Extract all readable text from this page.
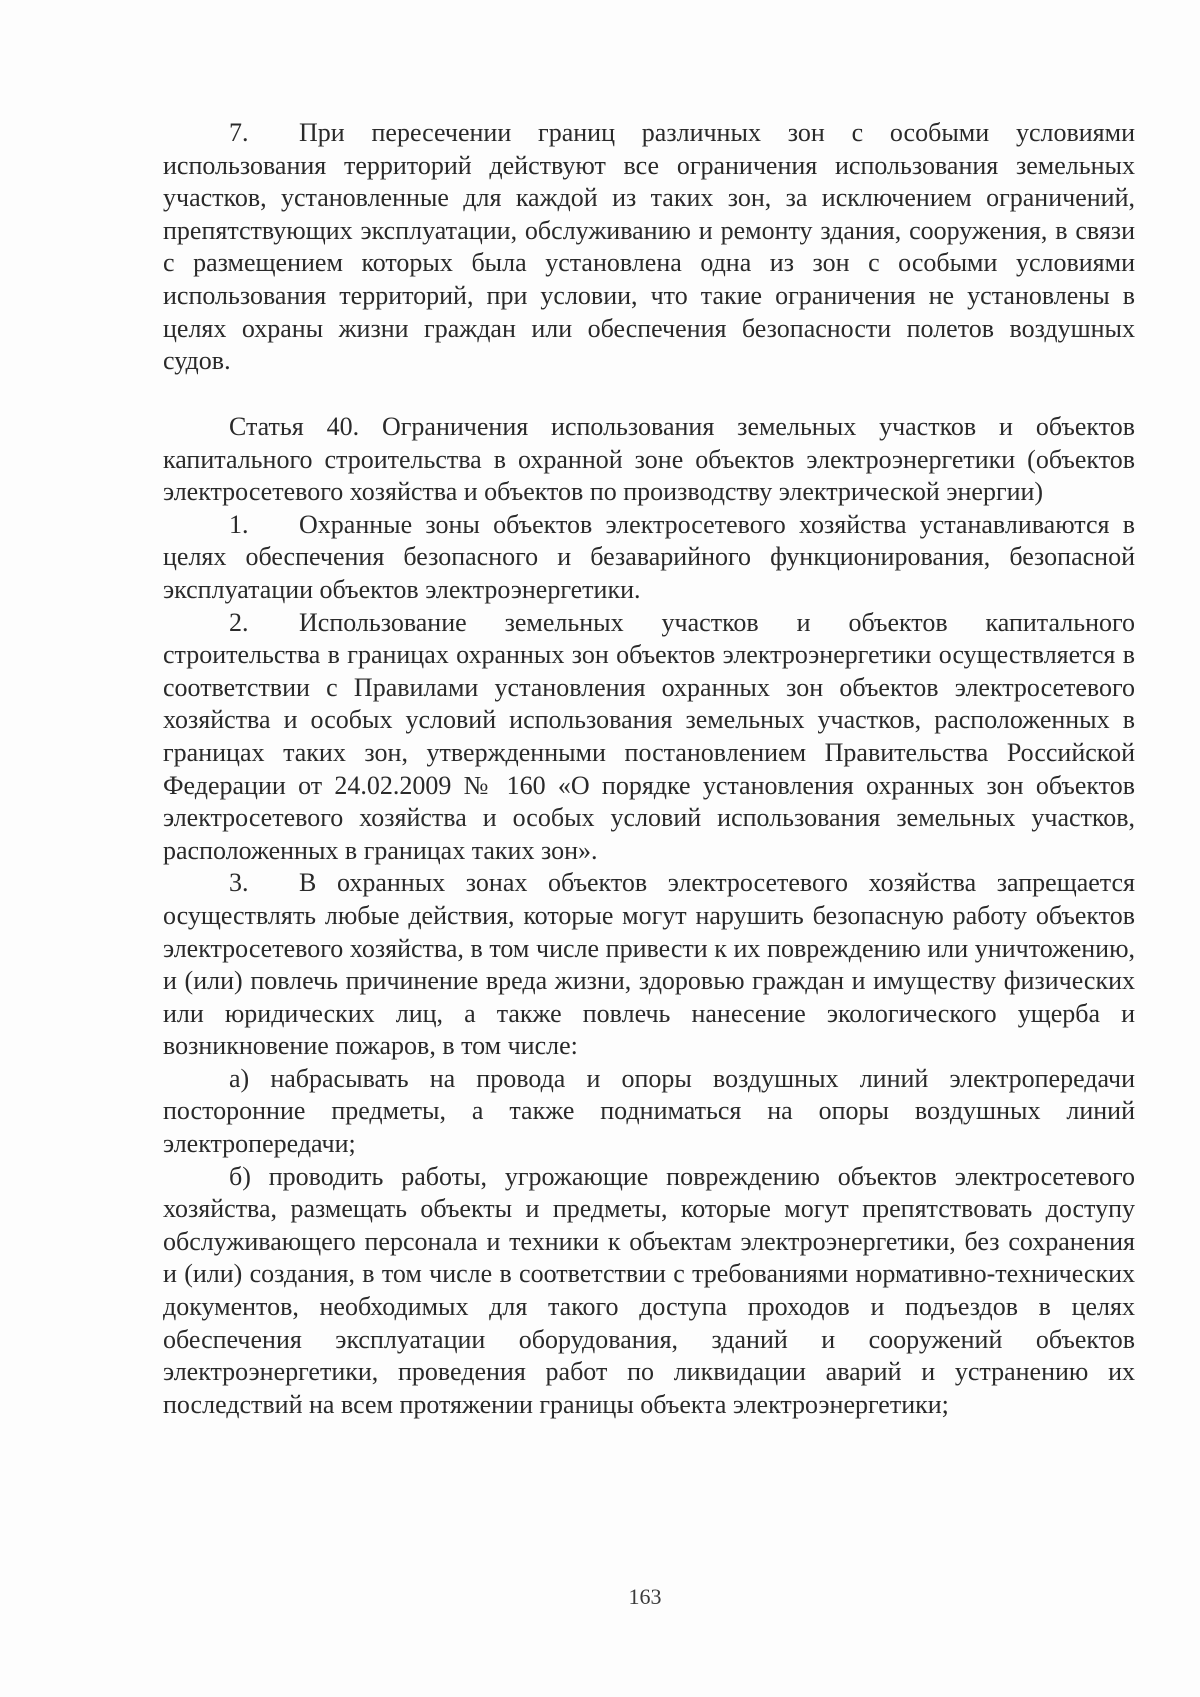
7. При пересечении границ различных зон с особыми условиями использования территорий действуют все ограничения использования земельных участков, установленные для каждой из таких зон, за исключением ограничений, препятствующих эксплуатации, обслуживанию и ремонту здания, сооружения, в связи с размещением которых была установлена одна из зон с особыми условиями использования территорий, при условии, что такие ограничения не установлены в целях охраны жизни граждан или обеспечения безопасности полетов воздушных судов.

Статья 40. Ограничения использования земельных участков и объектов капитального строительства в охранной зоне объектов электроэнергетики (объектов электросетевого хозяйства и объектов по производству электрической энергии)

1. Охранные зоны объектов электросетевого хозяйства устанавливаются в целях обеспечения безопасного и безаварийного функционирования, безопасной эксплуатации объектов электроэнергетики.

2. Использование земельных участков и объектов капитального строительства в границах охранных зон объектов электроэнергетики осуществляется в соответствии с Правилами установления охранных зон объектов электросетевого хозяйства и особых условий использования земельных участков, расположенных в границах таких зон, утвержденными постановлением Правительства Российской Федерации от 24.02.2009 № 160 «О порядке установления охранных зон объектов электросетевого хозяйства и особых условий использования земельных участков, расположенных в границах таких зон».

3. В охранных зонах объектов электросетевого хозяйства запрещается осуществлять любые действия, которые могут нарушить безопасную работу объектов электросетевого хозяйства, в том числе привести к их повреждению или уничтожению, и (или) повлечь причинение вреда жизни, здоровью граждан и имуществу физических или юридических лиц, а также повлечь нанесение экологического ущерба и возникновение пожаров, в том числе:

а) набрасывать на провода и опоры воздушных линий электропередачи посторонние предметы, а также подниматься на опоры воздушных линий электропередачи;

б) проводить работы, угрожающие повреждению объектов электросетевого хозяйства, размещать объекты и предметы, которые могут препятствовать доступу обслуживающего персонала и техники к объектам электроэнергетики, без сохранения и (или) создания, в том числе в соответствии с требованиями нормативно-технических документов, необходимых для такого доступа проходов и подъездов в целях обеспечения эксплуатации оборудования, зданий и сооружений объектов электроэнергетики, проведения работ по ликвидации аварий и устранению их последствий на всем протяжении границы объекта электроэнергетики;

163
